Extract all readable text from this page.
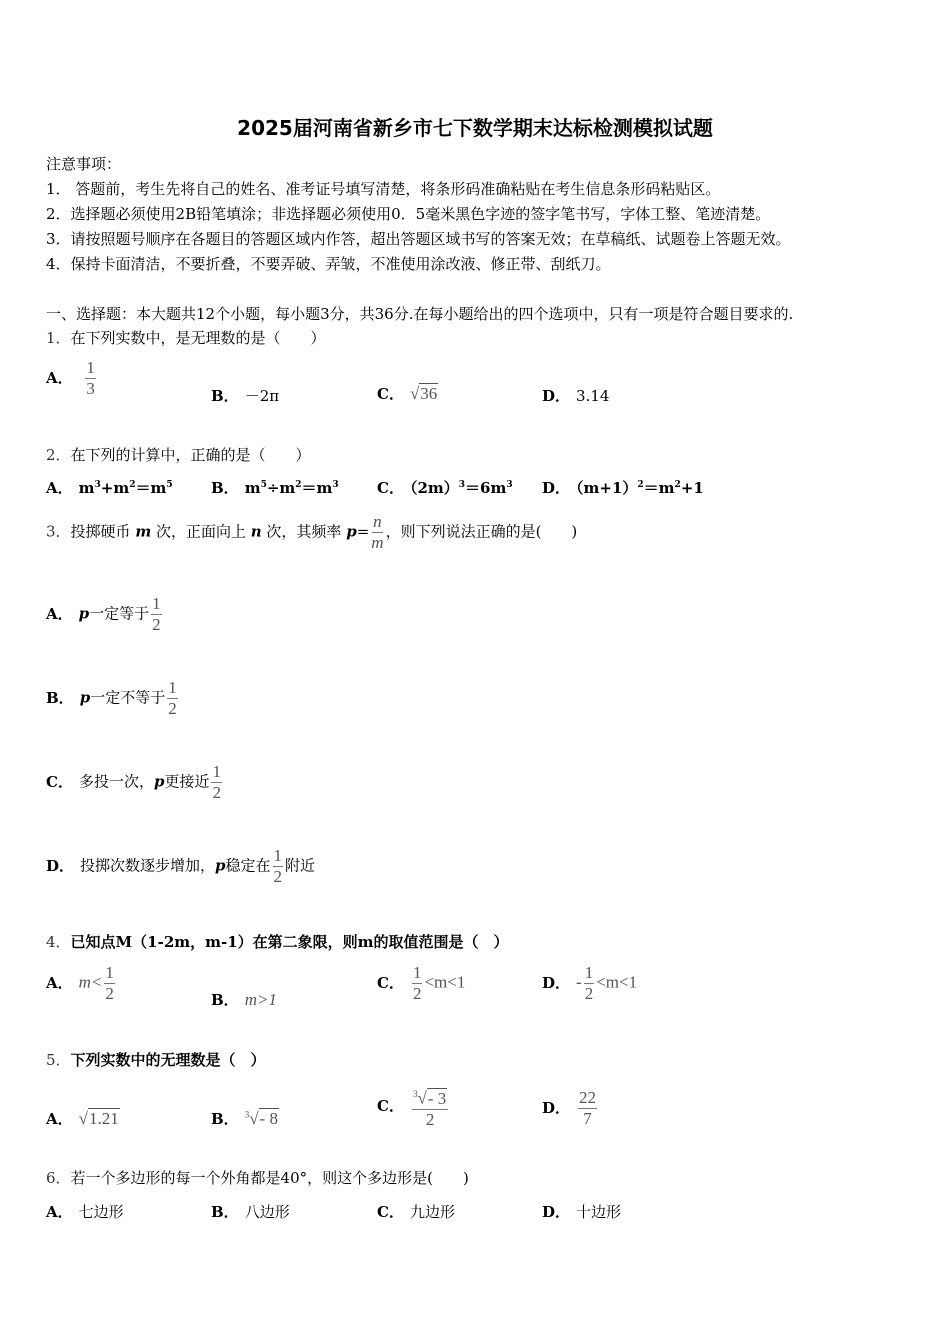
2025届河南省新乡市七下数学期末达标检测模拟试题
注意事项：
1． 答题前，考生先将自己的姓名、准考证号填写清楚，将条形码准确粘贴在考生信息条形码粘贴区。
2．选择题必须使用2B铅笔填涂；非选择题必须使用0．5毫米黑色字迹的签字笔书写，字体工整、笔迹清楚。
3．请按照题号顺序在各题目的答题区域内作答，超出答题区域书写的答案无效；在草稿纸、试题卷上答题无效。
4．保持卡面清洁，不要折叠，不要弄破、弄皱，不准使用涂改液、修正带、刮纸刀。
一、选择题：本大题共12个小题，每小题3分，共36分.在每小题给出的四个选项中，只有一项是符合题目要求的.
1．在下列实数中，是无理数的是（　　）
A． $\frac{1}{3}$	B． －2π	C． √36	D． 3.14
2．在下列的计算中，正确的是（　　）
A． $m^3+m^2=m^5$	B． $m^5\div m^2=m^3$	C． $(2m)^3=6m^3$ D． $(m+1)^2=m^2+1$
3．投掷硬币 m 次，正面向上 n 次，其频率 $p= \frac{n}{m}$ ，则下列说法正确的是(　　)
A． p一定等于 $\frac{1}{2}$
B． p一定不等于 $\frac{1}{2}$
C． 多投一次，p更接近 $\frac{1}{2}$
D． 投掷次数逐步增加，p稳定在 $\frac{1}{2}$ 附近
4．已知点M（1-2m，m-1）在第二象限，则m的取值范围是（　）
A． $m< \frac{1}{2}$	B． m>1
C． $\frac{1}{2} <m<1$	D． - $\frac{1}{2} <m<1$
5．下列实数中的无理数是（　）
A． √1.21	B． $^3$√- 8
C． $\frac{^3√- 3}{2}$	D． $\frac{22}{7}$
6．若一个多边形的每一个外角都是40°，则这个多边形是(　　)
A． 七边形	B． 八边形	C． 九边形	D． 十边形
